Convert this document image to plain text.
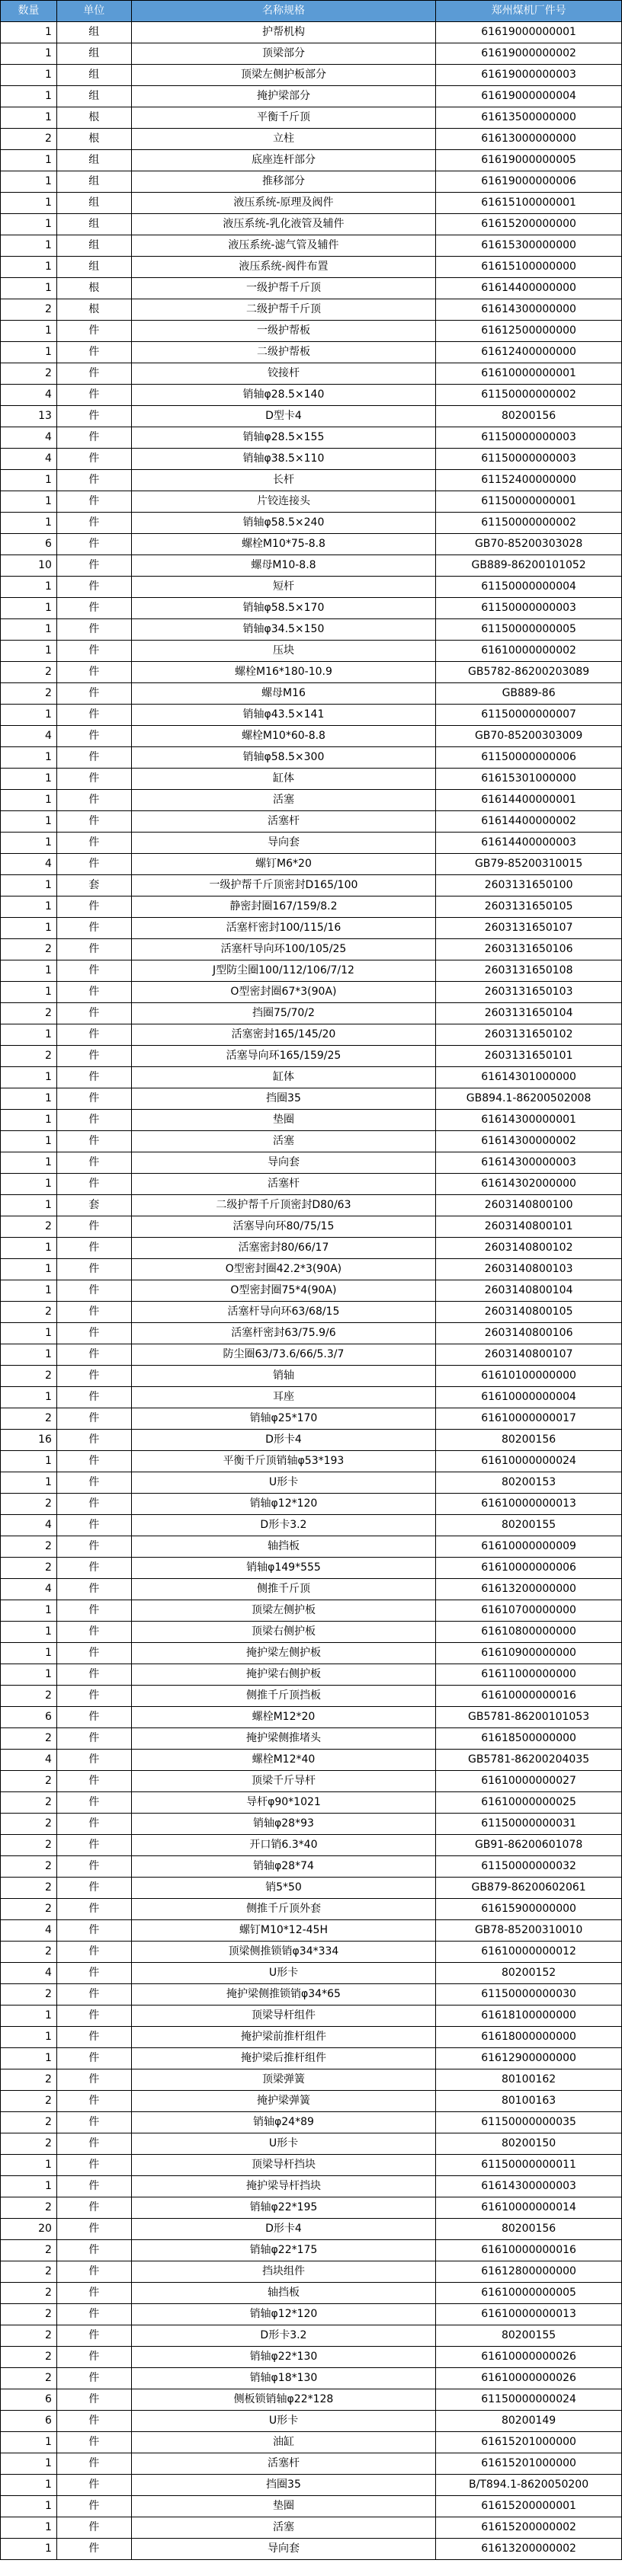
数量	单位	名称规格	郑州煤机厂件号
1	组	护帮机构	61619000000001
1	组	顶梁部分	61619000000002
1	组	顶梁左侧护板部分	61619000000003
1	组	掩护梁部分	61619000000004
1	根	平衡千斤顶	61613500000000
2	根	立柱	61613000000000
1	组	底座连杆部分	61619000000005
1	组	推移部分	61619000000006
1	组	液压系统-原理及阀件	61615100000001
1	组	液压系统-乳化液管及辅件	61615200000000
1	组	液压系统-滤气管及辅件	61615300000000
1	组	液压系统-阀件布置	61615100000000
1	根	一级护帮千斤顶	61614400000000
2	根	二级护帮千斤顶	61614300000000
1	件	一级护帮板	61612500000000
1	件	二级护帮板	61612400000000
2	件	铰接杆	61610000000001
4	件	销轴φ28.5×140	61150000000002
13	件	D型卡4	80200156
4	件	销轴φ28.5×155	61150000000003
4	件	销轴φ38.5×110	61150000000003
1	件	长杆	61152400000000
1	件	片铰连接头	61150000000001
1	件	销轴φ58.5×240	61150000000002
6	件	螺栓M10*75-8.8	GB70-85200303028
10	件	螺母M10-8.8	GB889-86200101052
1	件	短杆	61150000000004
1	件	销轴φ58.5×170	61150000000003
1	件	销轴φ34.5×150	61150000000005
1	件	压块	61610000000002
2	件	螺栓M16*180-10.9	GB5782-86200203089
2	件	螺母M16	GB889-86
1	件	销轴φ43.5×141	61150000000007
4	件	螺栓M10*60-8.8	GB70-85200303009
1	件	销轴φ58.5×300	61150000000006
1	件	缸体	61615301000000
1	件	活塞	61614400000001
1	件	活塞杆	61614400000002
1	件	导向套	61614400000003
4	件	螺钉M6*20	GB79-85200310015
1	套	一级护帮千斤顶密封D165/100	2603131650100
1	件	静密封圈167/159/8.2	2603131650105
1	件	活塞杆密封100/115/16	2603131650107
2	件	活塞杆导向环100/105/25	2603131650106
1	件	J型防尘圈100/112/106/7/12	2603131650108
1	件	O型密封圈67*3(90A)	2603131650103
2	件	挡圈75/70/2	2603131650104
1	件	活塞密封165/145/20	2603131650102
2	件	活塞导向环165/159/25	2603131650101
1	件	缸体	61614301000000
1	件	挡圈35	GB894.1-86200502008
1	件	垫圈	61614300000001
1	件	活塞	61614300000002
1	件	导向套	61614300000003
1	件	活塞杆	61614302000000
1	套	二级护帮千斤顶密封D80/63	2603140800100
2	件	活塞导向环80/75/15	2603140800101
1	件	活塞密封80/66/17	2603140800102
1	件	O型密封圈42.2*3(90A)	2603140800103
1	件	O型密封圈75*4(90A)	2603140800104
2	件	活塞杆导向环63/68/15	2603140800105
1	件	活塞杆密封63/75.9/6	2603140800106
1	件	防尘圈63/73.6/66/5.3/7	2603140800107
2	件	销轴	61610100000000
1	件	耳座	61610000000004
2	件	销轴φ25*170	61610000000017
16	件	D形卡4	80200156
1	件	平衡千斤顶销轴φ53*193	61610000000024
1	件	U形卡	80200153
2	件	销轴φ12*120	61610000000013
4	件	D形卡3.2	80200155
2	件	轴挡板	61610000000009
2	件	销轴φ149*555	61610000000006
4	件	侧推千斤顶	61613200000000
1	件	顶梁左侧护板	61610700000000
1	件	顶梁右侧护板	61610800000000
1	件	掩护梁左侧护板	61610900000000
1	件	掩护梁右侧护板	61611000000000
2	件	侧推千斤顶挡板	61610000000016
6	件	螺栓M12*20	GB5781-86200101053
2	件	掩护梁侧推堵头	61618500000000
4	件	螺栓M12*40	GB5781-86200204035
2	件	顶梁千斤导杆	61610000000027
2	件	导杆φ90*1021	61610000000025
2	件	销轴φ28*93	61150000000031
2	件	开口销6.3*40	GB91-86200601078
2	件	销轴φ28*74	61150000000032
2	件	销5*50	GB879-86200602061
2	件	侧推千斤顶外套	61615900000000
4	件	螺钉M10*12-45H	GB78-85200310010
2	件	顶梁侧推锁销φ34*334	61610000000012
4	件	U形卡	80200152
2	件	掩护梁侧推锁销φ34*65	61150000000030
1	件	顶梁导杆组件	61618100000000
1	件	掩护梁前推杆组件	61618000000000
1	件	掩护梁后推杆组件	61612900000000
2	件	顶梁弹簧	80100162
2	件	掩护梁弹簧	80100163
2	件	销轴φ24*89	61150000000035
2	件	U形卡	80200150
1	件	顶梁导杆挡块	61150000000011
1	件	掩护梁导杆挡块	61614300000003
2	件	销轴φ22*195	61610000000014
20	件	D形卡4	80200156
2	件	销轴φ22*175	61610000000016
2	件	挡块组件	61612800000000
2	件	轴挡板	61610000000005
2	件	销轴φ12*120	61610000000013
2	件	D形卡3.2	80200155
2	件	销轴φ22*130	61610000000026
2	件	销轴φ18*130	61610000000026
6	件	侧板锁销轴φ22*128	61150000000024
6	件	U形卡	80200149
1	件	油缸	61615201000000
1	件	活塞杆	61615201000000
1	件	挡圈35	B/T894.1-8620050200
1	件	垫圈	61615200000001
1	件	活塞	61615200000002
1	件	导向套	61613200000002
